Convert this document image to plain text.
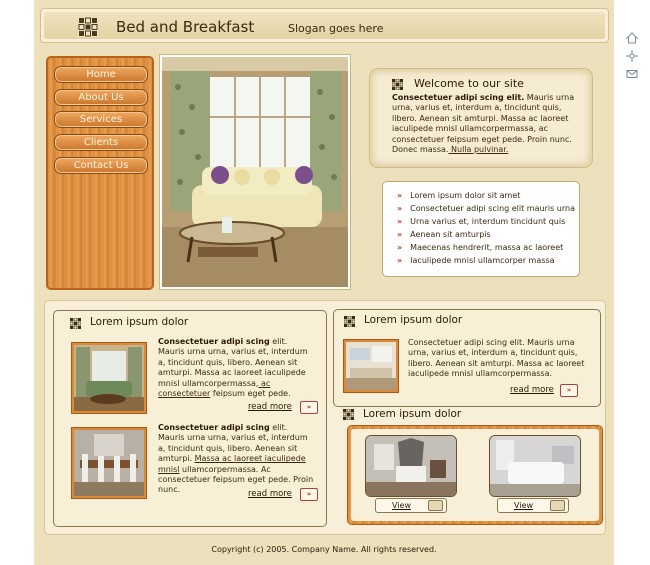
Bed and Breakfast	Slogan goes here
Home
About Us
Services
Clients
Contact Us
Welcome to our site
Consectetuer adipi scing elit. Mauris urna urna, varius et, interdum a, tincidunt quis, libero. Aenean sit amturpi. Massa ac laoreet iaculipede mnisl ullamcorpermassa, ac consectetuer feipsum eget pede. Proin nunc. Donec massa. Nulla pulvinar.
» Lorem ipsum dolor sit amet
» Consectetuer adipi scing elit mauris urna
» Urna varius et, interdum tincidunt quis
» Aenean sit amturpis
» Maecenas hendrerit, massa ac laoreet
» Iaculipede mnisl ullamcorper massa
Lorem ipsum dolor
Consectetuer adipi scing elit. Mauris urna urna, varius et, interdum a, tincidunt quis, libero. Aenean sit amturpi. Massa ac laoreet iaculipede mnisl ullamcorpermassa, ac consectetuer feipsum eget pede.
read more	»
Consectetuer adipi scing elit. Mauris urna urna, varius et, interdum a, tincidunt quis, libero. Aenean sit amturpi. Massa ac laoreet iaculipede mnisl ullamcorpermassa. Ac consectetuer feipsum eget pede. Proin nunc.	read more	»
Lorem ipsum dolor
Consectetuer adipi scing elit. Mauris urna urna, varius et, interdum a, tincidunt quis, libero. Aenean sit amturpi. Massa ac laoreet iaculipede mnisl ullamcorpermassa.
read more	»
Lorem ipsum dolor
View	View
Copyright (c) 2005. Company Name. All rights reserved.
